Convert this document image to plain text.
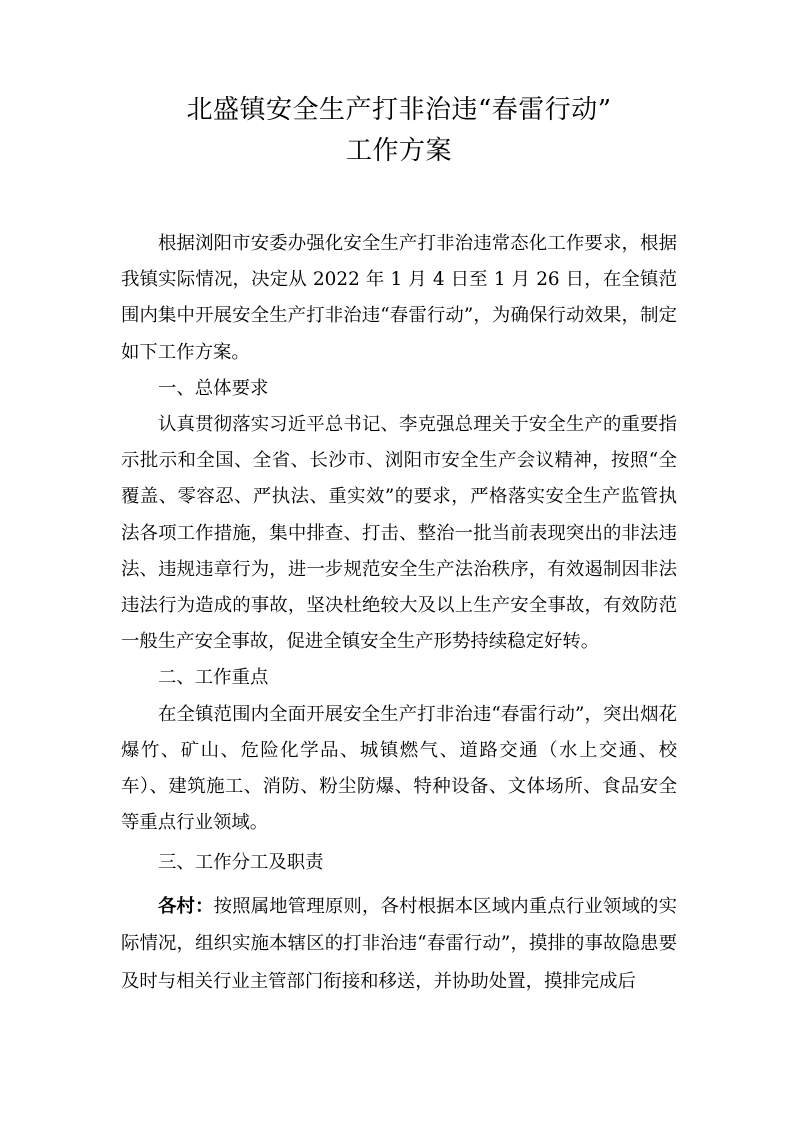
北盛镇安全生产打非治违“春雷行动”
工作方案

根据浏阳市安委办强化安全生产打非治违常态化工作要求，根据我镇实际情况，决定从 2022 年 1 月 4 日至 1 月 26 日，在全镇范围内集中开展安全生产打非治违“春雷行动”，为确保行动效果，制定如下工作方案。

一、总体要求

认真贯彻落实习近平总书记、李克强总理关于安全生产的重要指示批示和全国、全省、长沙市、浏阳市安全生产会议精神，按照“全覆盖、零容忍、严执法、重实效”的要求，严格落实安全生产监管执法各项工作措施，集中排查、打击、整治一批当前表现突出的非法违法、违规违章行为，进一步规范安全生产法治秩序，有效遏制因非法违法行为造成的事故，坚决杜绝较大及以上生产安全事故，有效防范一般生产安全事故，促进全镇安全生产形势持续稳定好转。

二、工作重点

在全镇范围内全面开展安全生产打非治违“春雷行动”，突出烟花爆竹、矿山、危险化学品、城镇燃气、道路交通（水上交通、校车）、建筑施工、消防、粉尘防爆、特种设备、文体场所、食品安全等重点行业领域。

三、工作分工及职责

各村：按照属地管理原则，各村根据本区域内重点行业领域的实际情况，组织实施本辖区的打非治违“春雷行动”，摸排的事故隐患要及时与相关行业主管部门衔接和移送，并协助处置，摸排完成后
